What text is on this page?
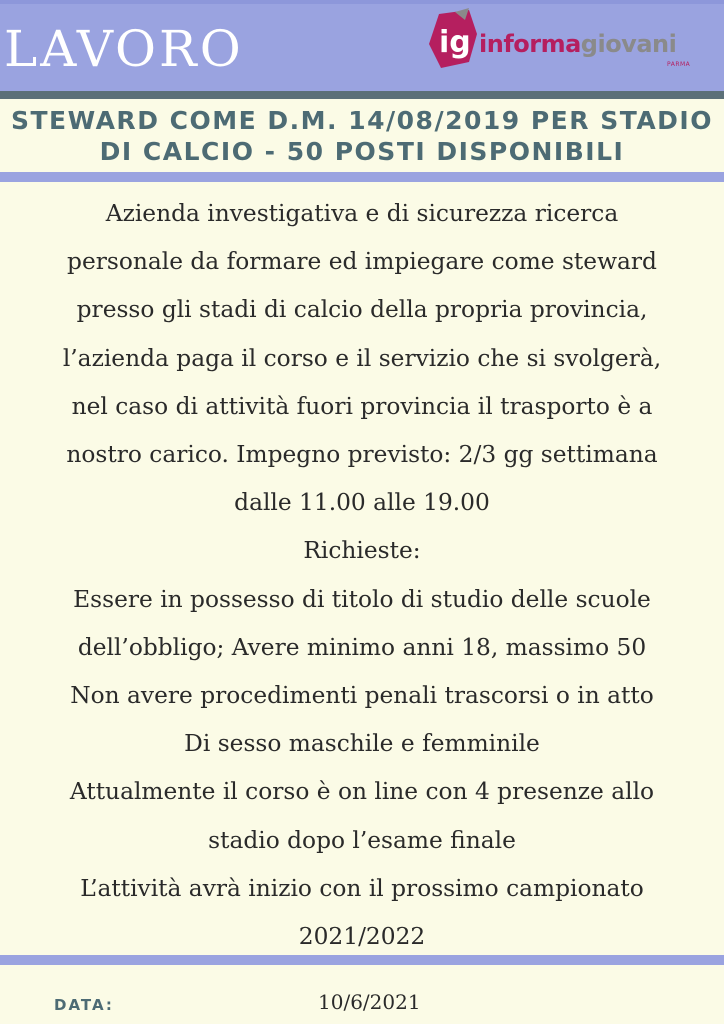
LAVORO	ig informagiovani
PARMA
STEWARD COME D.M. 14/08/2019 PER STADIO
DI CALCIO - 50 POSTI DISPONIBILI
Azienda investigativa e di sicurezza ricerca
personale da formare ed impiegare come steward
presso gli stadi di calcio della propria provincia,
l’azienda paga il corso e il servizio che si svolgerà,
nel caso di attività fuori provincia il trasporto è a
nostro carico. Impegno previsto: 2/3 gg settimana
dalle 11.00 alle 19.00
Richieste:
Essere in possesso di titolo di studio delle scuole
dell’obbligo; Avere minimo anni 18, massimo 50
Non avere procedimenti penali trascorsi o in atto
Di sesso maschile e femminile
Attualmente il corso è on line con 4 presenze allo
stadio dopo l’esame finale
L’attività avrà inizio con il prossimo campionato
2021/2022
DATA:	10/6/2021
